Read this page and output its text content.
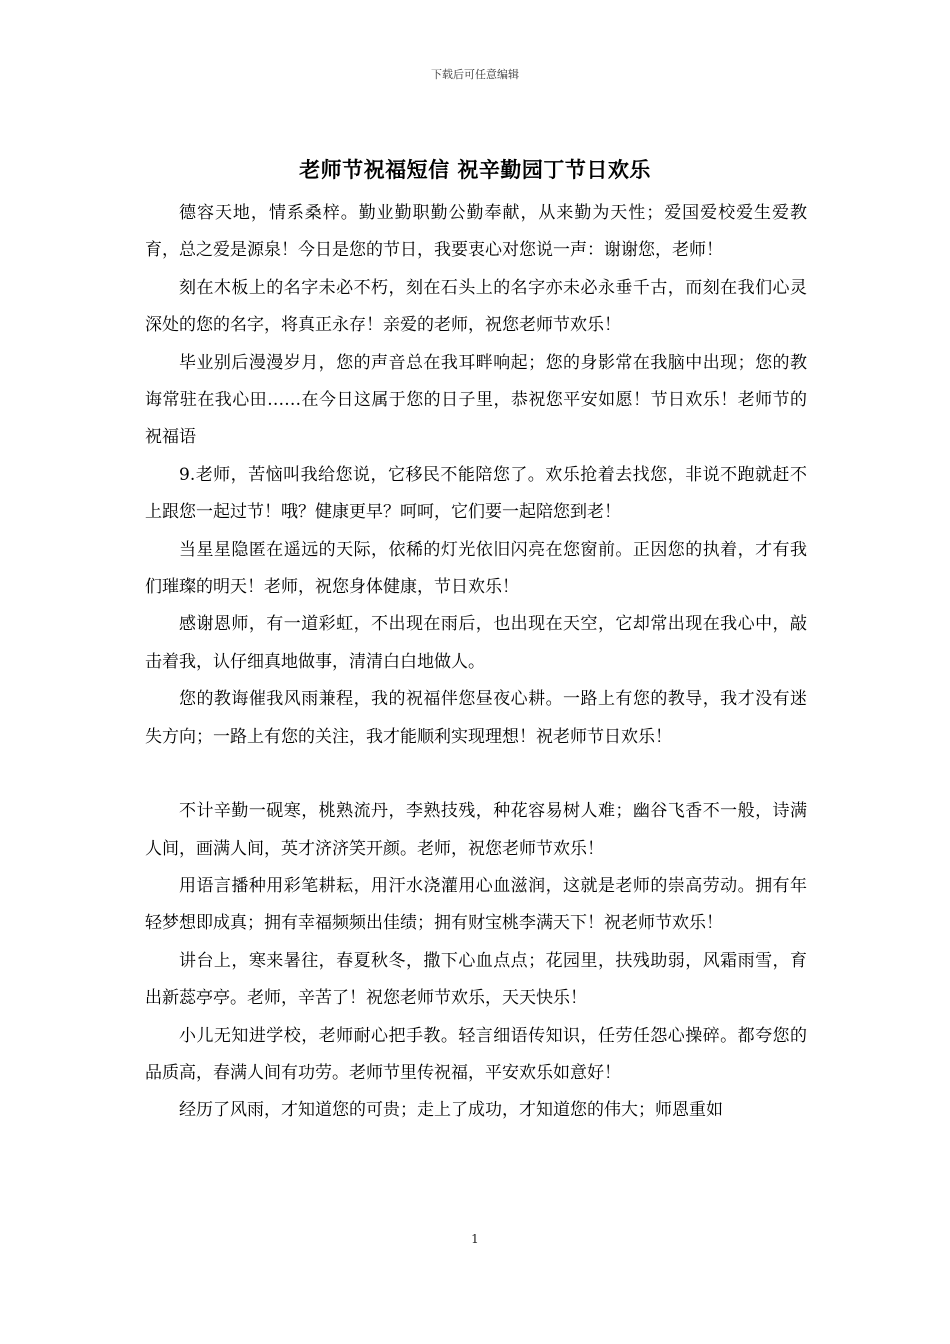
下载后可任意编辑
老师节祝福短信 祝辛勤园丁节日欢乐

德容天地，情系桑梓。勤业勤职勤公勤奉献，从来勤为天性；爱国爱校爱生爱教育，总之爱是源泉！今日是您的节日，我要衷心对您说一声：谢谢您，老师！

刻在木板上的名字未必不朽，刻在石头上的名字亦未必永垂千古，而刻在我们心灵深处的您的名字，将真正永存！亲爱的老师，祝您老师节欢乐！

毕业别后漫漫岁月，您的声音总在我耳畔响起；您的身影常在我脑中出现；您的教诲常驻在我心田……在今日这属于您的日子里，恭祝您平安如愿！节日欢乐！老师节的祝福语

9.老师，苦恼叫我给您说，它移民不能陪您了。欢乐抢着去找您，非说不跑就赶不上跟您一起过节！哦？健康更早？呵呵，它们要一起陪您到老！

当星星隐匿在遥远的天际，依稀的灯光依旧闪亮在您窗前。正因您的执着，才有我们璀璨的明天！老师，祝您身体健康，节日欢乐！

感谢恩师，有一道彩虹，不出现在雨后，也出现在天空，它却常出现在我心中，敲击着我，认仔细真地做事，清清白白地做人。

您的教诲催我风雨兼程，我的祝福伴您昼夜心耕。一路上有您的教导，我才没有迷失方向；一路上有您的关注，我才能顺利实现理想！祝老师节日欢乐！

不计辛勤一砚寒，桃熟流丹，李熟技残，种花容易树人难；幽谷飞香不一般，诗满人间，画满人间，英才济济笑开颜。老师，祝您老师节欢乐！

用语言播种用彩笔耕耘，用汗水浇灌用心血滋润，这就是老师的崇高劳动。拥有年轻梦想即成真；拥有幸福频频出佳绩；拥有财宝桃李满天下！祝老师节欢乐！

讲台上，寒来暑往，春夏秋冬，撒下心血点点；花园里，扶残助弱，风霜雨雪，育出新蕊亭亭。老师，辛苦了！祝您老师节欢乐，天天快乐！

小儿无知进学校，老师耐心把手教。轻言细语传知识，任劳任怨心操碎。都夸您的品质高，春满人间有功劳。老师节里传祝福，平安欢乐如意好！

经历了风雨，才知道您的可贵；走上了成功，才知道您的伟大；师恩重如

1
